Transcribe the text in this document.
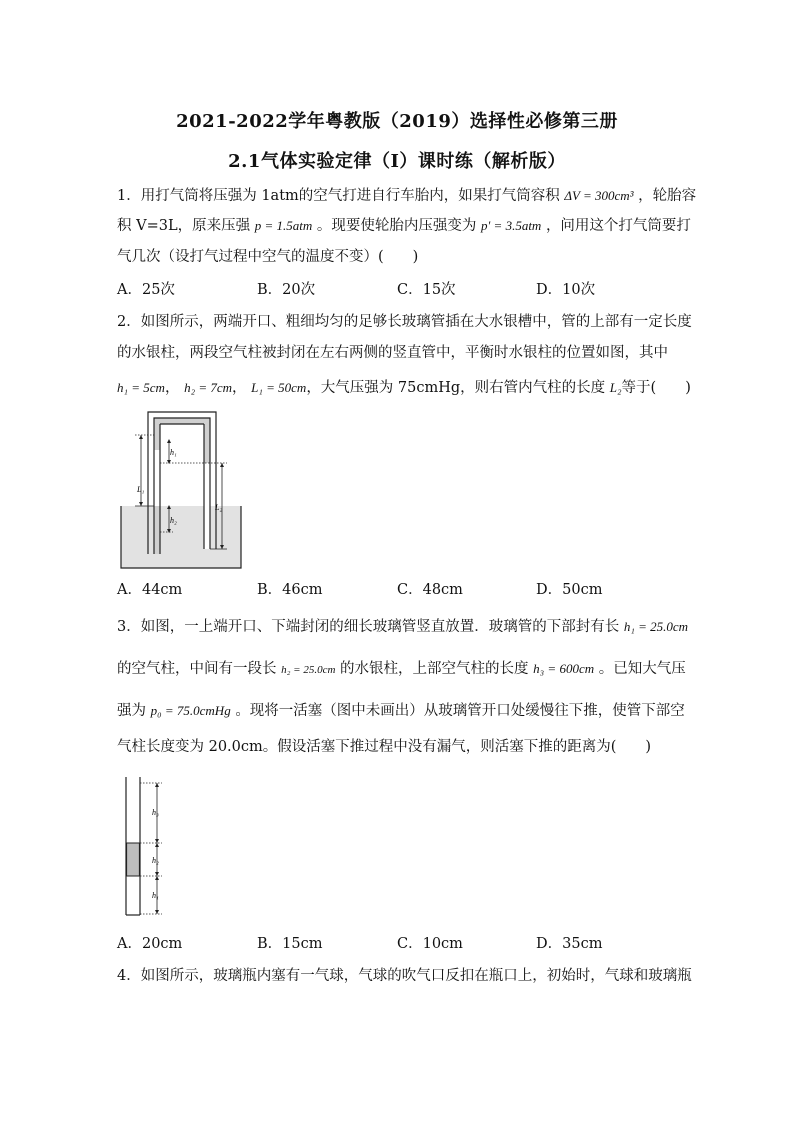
2021-2022学年粤教版（2019）选择性必修第三册
2.1气体实验定律（Ⅰ）课时练（解析版）
1．用打气筒将压强为 1atm的空气打进自行车胎内，如果打气筒容积 ΔV = 300cm³ ，轮胎容
积 V=3L，原来压强 p = 1.5atm 。现要使轮胎内压强变为 p′ = 3.5atm ，问用这个打气筒要打
气几次（设打气过程中空气的温度不变）(　　)
A．25次	B．20次	C．15次	D．10次
2．如图所示，两端开口、粗细均匀的足够长玻璃管插在大水银槽中，管的上部有一定长度
的水银柱，两段空气柱被封闭在左右两侧的竖直管中，平衡时水银柱的位置如图，其中
h₁ = 5cm， h₂ = 7cm， L₁ = 50cm，大气压强为 75cmHg，则右管内气柱的长度 L₂等于(　　)
h₁
h₂
L₁
L₂
A．44cm	B．46cm	C．48cm	D．50cm
3．如图，一上端开口、下端封闭的细长玻璃管竖直放置．玻璃管的下部封有长 h₁ = 25.0cm
的空气柱，中间有一段长 h₂ = 25.0cm 的水银柱，上部空气柱的长度 h₃ = 600cm 。已知大气压
强为 p₀ = 75.0cmHg 。现将一活塞（图中未画出）从玻璃管开口处缓慢往下推，使管下部空
气柱长度变为 20.0cm。假设活塞下推过程中没有漏气，则活塞下推的距离为(　　)
h₃
h₂
h₁
A．20cm	B．15cm	C．10cm	D．35cm
4．如图所示，玻璃瓶内塞有一气球，气球的吹气口反扣在瓶口上，初始时，气球和玻璃瓶
